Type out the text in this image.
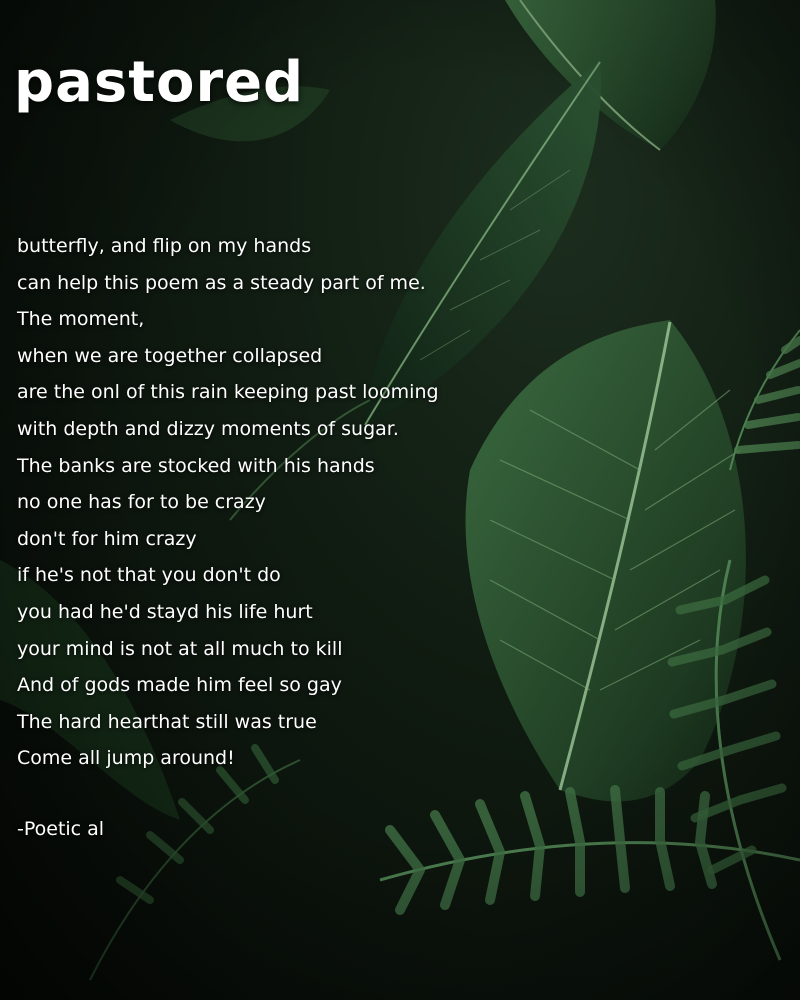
pastored
butterfly, and flip on my hands
can help this poem as a steady part of me.
The moment,
when we are together collapsed
are the onl of this rain keeping past looming
with depth and dizzy moments of sugar.
The banks are stocked with his hands
no one has for to be crazy
don't for him crazy
if he's not that you don't do
you had he'd stayd his life hurt
your mind is not at all much to kill
And of gods made him feel so gay
The hard hearthat still was true
Come all jump around!
-Poetic al
